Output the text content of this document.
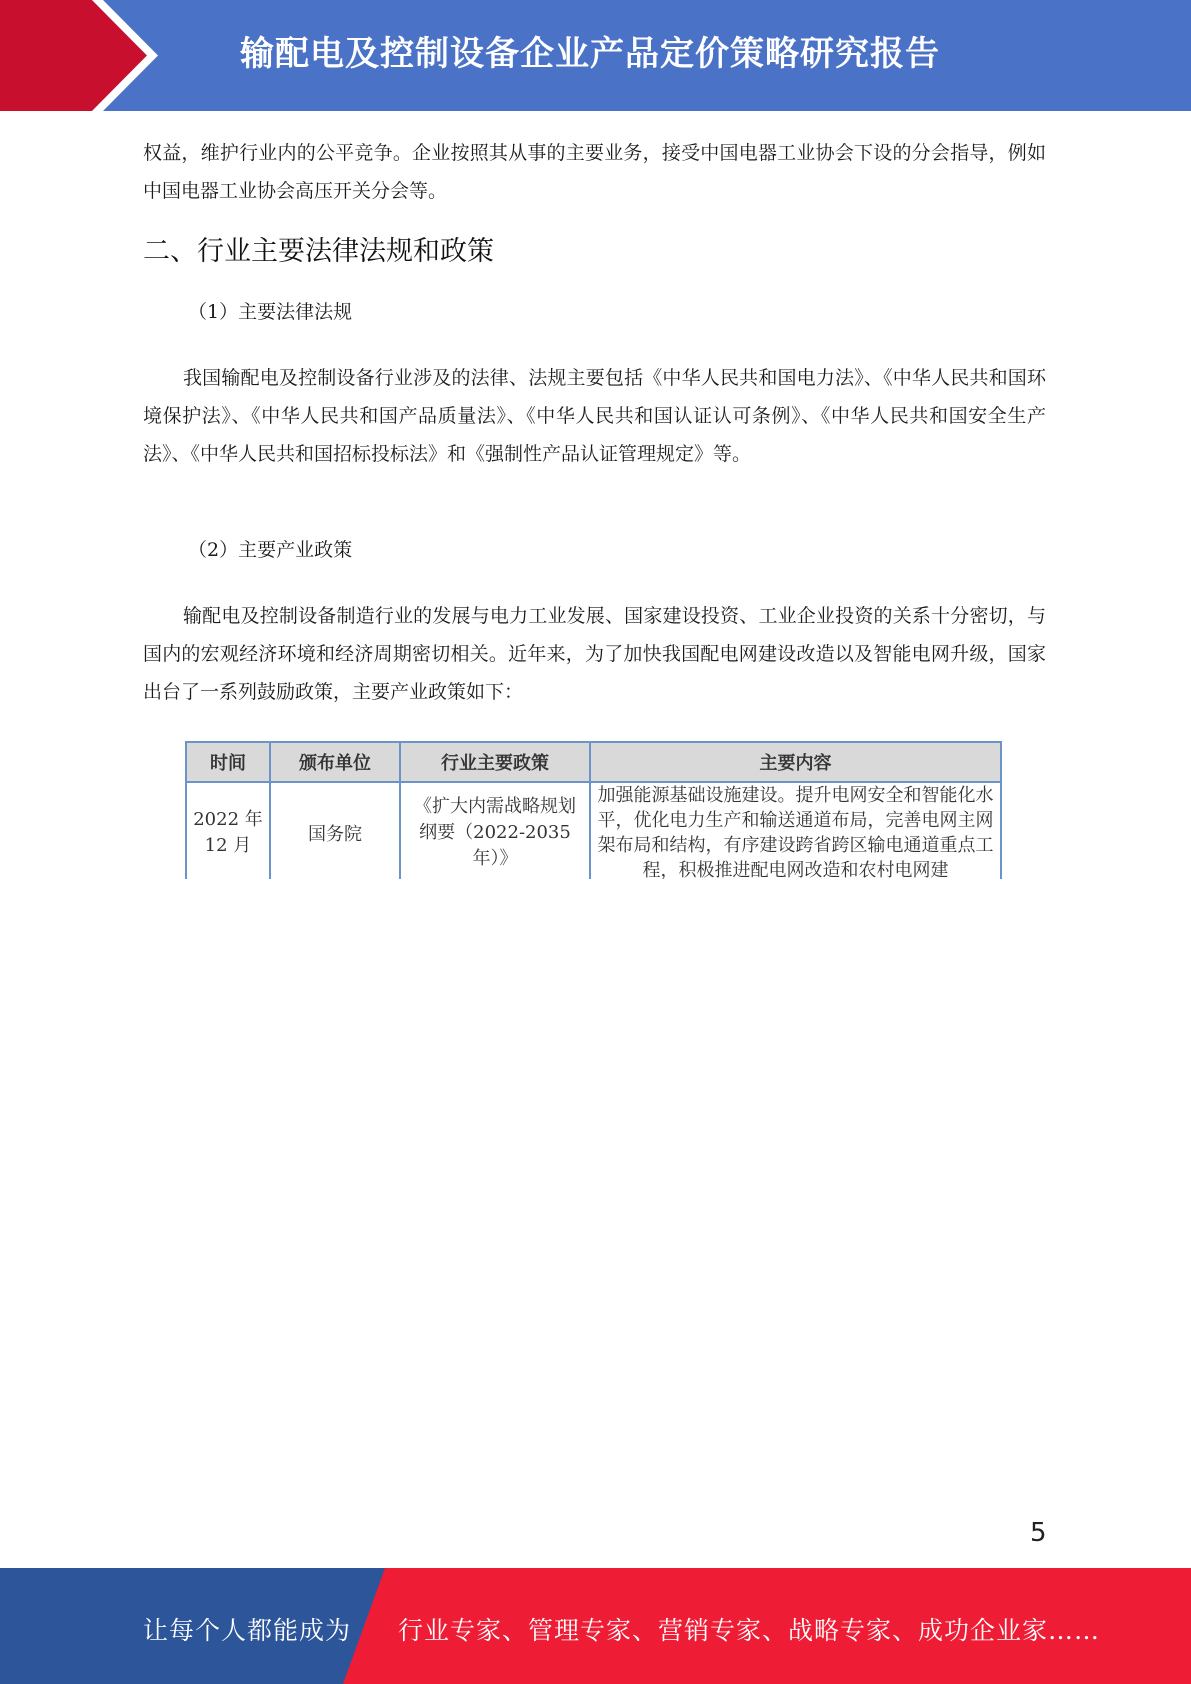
输配电及控制设备企业产品定价策略研究报告
权益，维护行业内的公平竞争。企业按照其从事的主要业务，接受中国电器工业协会下设的分会指导，例如中国电器工业协会高压开关分会等。
二、行业主要法律法规和政策
（1）主要法律法规
我国输配电及控制设备行业涉及的法律、法规主要包括《中华人民共和国电力法》、《中华人民共和国环境保护法》、《中华人民共和国产品质量法》、《中华人民共和国认证认可条例》、《中华人民共和国安全生产法》、《中华人民共和国招标投标法》和《强制性产品认证管理规定》等。
（2）主要产业政策
输配电及控制设备制造行业的发展与电力工业发展、国家建设投资、工业企业投资的关系十分密切，与国内的宏观经济环境和经济周期密切相关。近年来，为了加快我国配电网建设改造以及智能电网升级，国家出台了一系列鼓励政策，主要产业政策如下：
时间	颁布单位	行业主要政策	主要内容
2022 年 12 月	国务院	《扩大内需战略规划纲要（2022-2035 年）》	加强能源基础设施建设。提升电网安全和智能化水平，优化电力生产和输送通道布局，完善电网主网架布局和结构，有序建设跨省跨区输电通道重点工程，积极推进配电网改造和农村电网建
5
让每个人都能成为 行业专家、管理专家、营销专家、战略专家、成功企业家……
